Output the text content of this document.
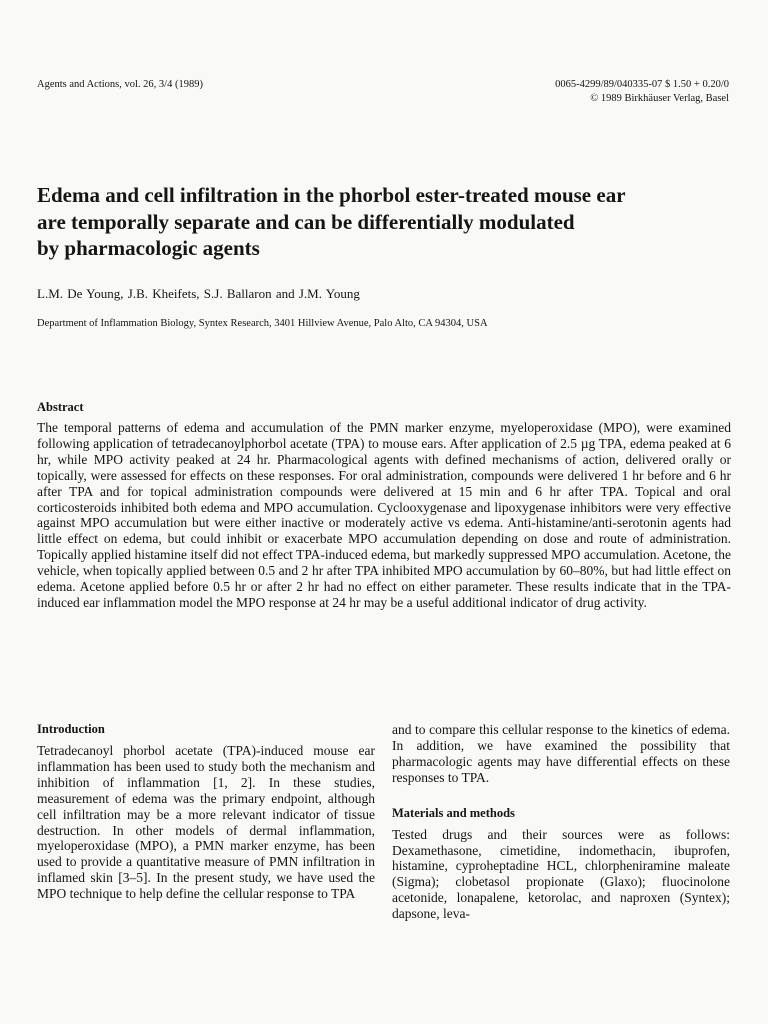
Agents and Actions, vol. 26, 3/4 (1989)	0065-4299/89/040335-07 $ 1.50 + 0.20/0
© 1989 Birkhäuser Verlag, Basel
Edema and cell infiltration in the phorbol ester-treated mouse ear
are temporally separate and can be differentially modulated
by pharmacologic agents
L.M. De Young, J.B. Kheifets, S.J. Ballaron and J.M. Young
Department of Inflammation Biology, Syntex Research, 3401 Hillview Avenue, Palo Alto, CA 94304, USA
Abstract

The temporal patterns of edema and accumulation of the PMN marker enzyme, myeloperoxidase (MPO), were examined following application of tetradecanoylphorbol acetate (TPA) to mouse ears. After application of 2.5 µg TPA, edema peaked at 6 hr, while MPO activity peaked at 24 hr. Pharmacological agents with defined mechanisms of action, delivered orally or topically, were assessed for effects on these responses. For oral administration, compounds were delivered 1 hr before and 6 hr after TPA and for topical administration compounds were delivered at 15 min and 6 hr after TPA. Topical and oral corticosteroids inhibited both edema and MPO accumulation. Cyclooxygenase and lipoxygenase inhibitors were very effective against MPO accumulation but were either inactive or moderately active vs edema. Anti-histamine/anti-serotonin agents had little effect on edema, but could inhibit or exacerbate MPO accumulation depending on dose and route of administration. Topically applied histamine itself did not effect TPA-induced edema, but markedly suppressed MPO accumulation. Acetone, the vehicle, when topically applied between 0.5 and 2 hr after TPA inhibited MPO accumulation by 60–80%, but had little effect on edema. Acetone applied before 0.5 hr or after 2 hr had no effect on either parameter. These results indicate that in the TPA-induced ear inflammation model the MPO response at 24 hr may be a useful additional indicator of drug activity.

Introduction

Tetradecanoyl phorbol acetate (TPA)-induced mouse ear inflammation has been used to study both the mechanism and inhibition of inflammation [1, 2]. In these studies, measurement of edema was the primary endpoint, although cell infiltration may be a more relevant indicator of tissue destruction. In other models of dermal inflammation, myeloperoxidase (MPO), a PMN marker enzyme, has been used to provide a quantitative measure of PMN infiltration in inflamed skin [3–5]. In the present study, we have used the MPO technique to help define the cellular response to TPA

and to compare this cellular response to the kinetics of edema. In addition, we have examined the possibility that pharmacologic agents may have differential effects on these responses to TPA.

Materials and methods

Tested drugs and their sources were as follows: Dexamethasone, cimetidine, indomethacin, ibuprofen, histamine, cyproheptadine HCL, chlorpheniramine maleate (Sigma); clobetasol propionate (Glaxo); fluocinolone acetonide, lonapalene, ketorolac, and naproxen (Syntex); dapsone, leva-
